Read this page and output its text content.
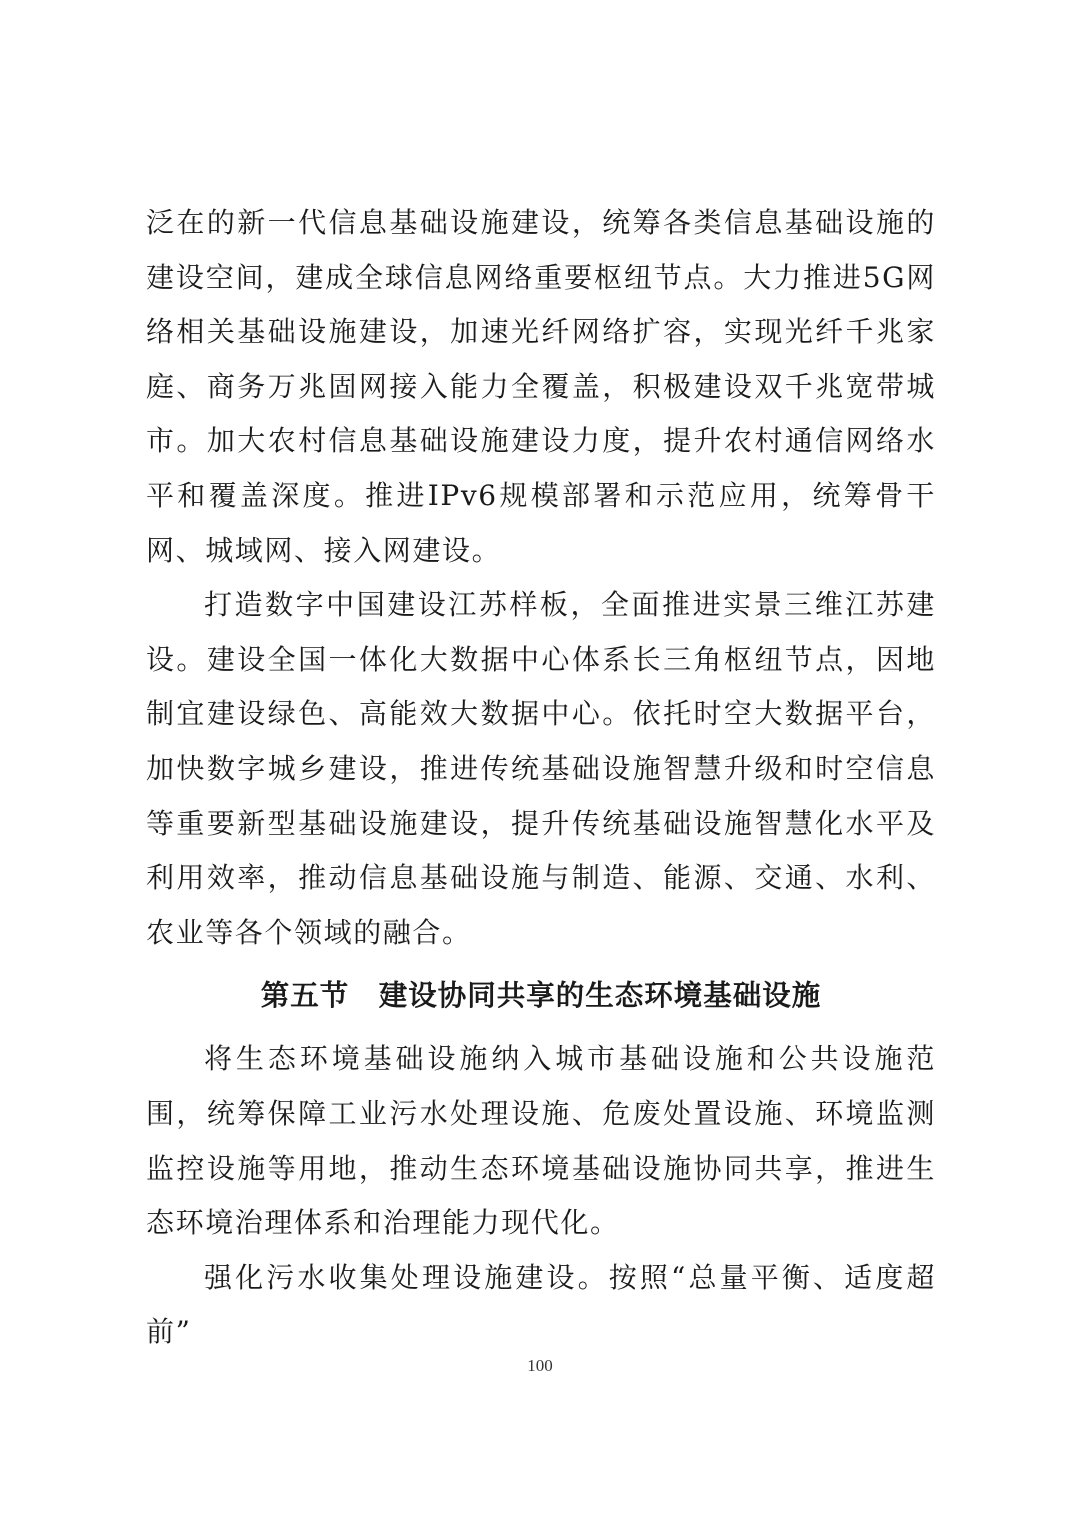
泛在的新一代信息基础设施建设，统筹各类信息基础设施的建设空间，建成全球信息网络重要枢纽节点。大力推进5G网络相关基础设施建设，加速光纤网络扩容，实现光纤千兆家庭、商务万兆固网接入能力全覆盖，积极建设双千兆宽带城市。加大农村信息基础设施建设力度，提升农村通信网络水平和覆盖深度。推进IPv6规模部署和示范应用，统筹骨干网、城域网、接入网建设。

打造数字中国建设江苏样板，全面推进实景三维江苏建设。建设全国一体化大数据中心体系长三角枢纽节点，因地制宜建设绿色、高能效大数据中心。依托时空大数据平台，加快数字城乡建设，推进传统基础设施智慧升级和时空信息等重要新型基础设施建设，提升传统基础设施智慧化水平及利用效率，推动信息基础设施与制造、能源、交通、水利、农业等各个领域的融合。

第五节　建设协同共享的生态环境基础设施

将生态环境基础设施纳入城市基础设施和公共设施范围，统筹保障工业污水处理设施、危废处置设施、环境监测监控设施等用地，推动生态环境基础设施协同共享，推进生态环境治理体系和治理能力现代化。

强化污水收集处理设施建设。按照“总量平衡、适度超前”

100
